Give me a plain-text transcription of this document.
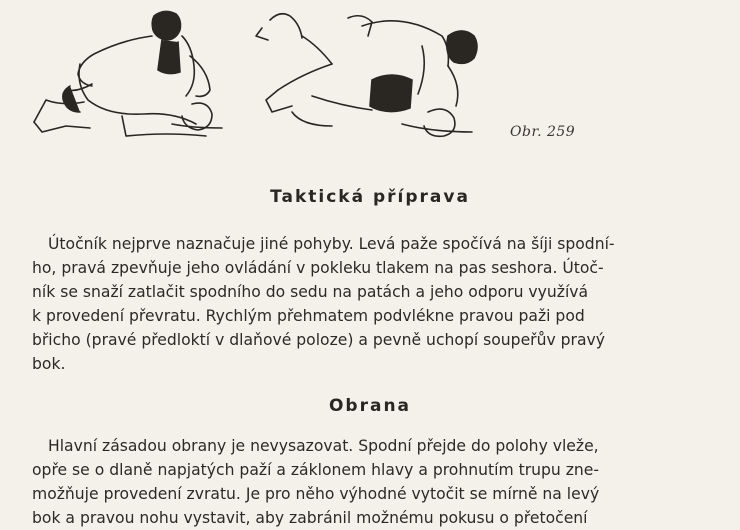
Obr. 259
Taktická příprava
Útočník nejprve naznačuje jiné pohyby. Levá paže spočívá na šíji spodní-
ho, pravá zpevňuje jeho ovládání v pokleku tlakem na pas seshora. Útoč-
ník se snaží zatlačit spodního do sedu na patách a jeho odporu využívá
k provedení převratu. Rychlým přehmatem podvlékne pravou paži pod
břicho (pravé předloktí v dlaňové poloze) a pevně uchopí soupeřův pravý
bok.
Obrana
Hlavní zásadou obrany je nevysazovat. Spodní přejde do polohy vleže,
opře se o dlaně napjatých paží a záklonem hlavy a prohnutím trupu zne-
možňuje provedení zvratu. Je pro něho výhodné vytočit se mírně na levý
bok a pravou nohu vystavit, aby zabránil možnému pokusu o přetočení
